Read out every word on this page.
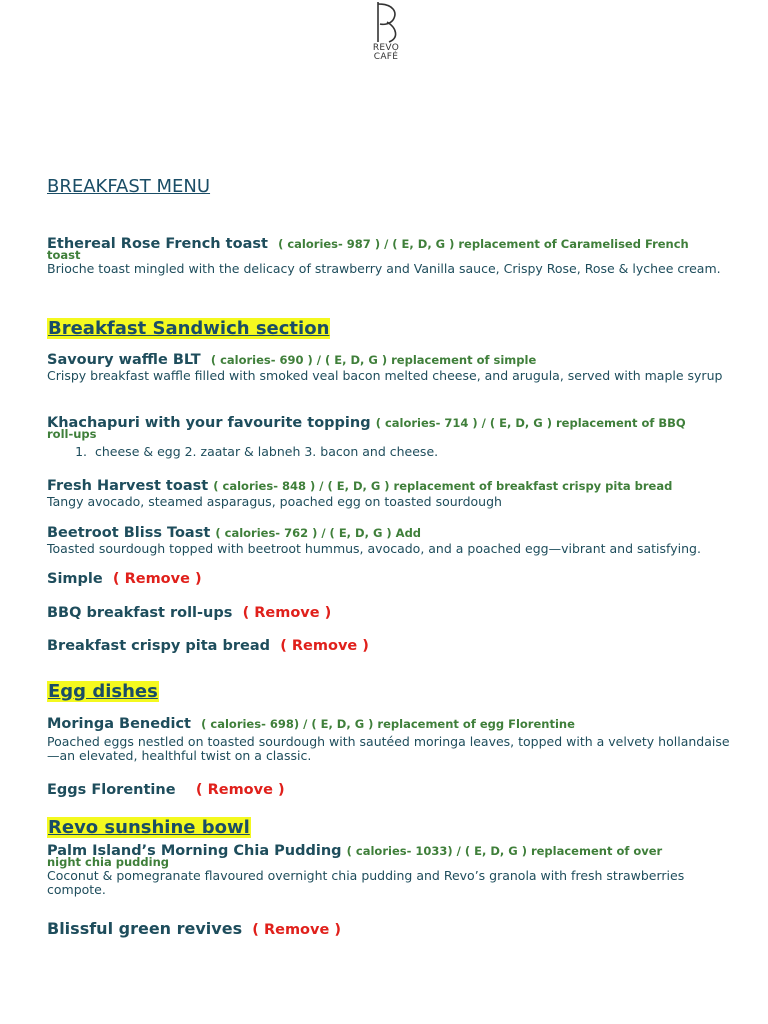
REVO
CAFÉ
BREAKFAST MENU
Ethereal Rose French toast ( calories- 987 ) / ( E, D, G ) replacement of Caramelised French
toast
Brioche toast mingled with the delicacy of strawberry and Vanilla sauce, Crispy Rose, Rose & lychee cream.
Breakfast Sandwich section
Savoury waffle BLT ( calories- 690 ) / ( E, D, G ) replacement of simple
Crispy breakfast waffle filled with smoked veal bacon melted cheese, and arugula, served with maple syrup
Khachapuri with your favourite topping ( calories- 714 ) / ( E, D, G ) replacement of BBQ
roll-ups
1. cheese & egg 2. zaatar & labneh 3. bacon and cheese.
Fresh Harvest toast ( calories- 848 ) / ( E, D, G ) replacement of breakfast crispy pita bread
Tangy avocado, steamed asparagus, poached egg on toasted sourdough
Beetroot Bliss Toast ( calories- 762 ) / ( E, D, G ) Add
Toasted sourdough topped with beetroot hummus, avocado, and a poached egg—vibrant and satisfying.
Simple ( Remove )
BBQ breakfast roll-ups ( Remove )
Breakfast crispy pita bread ( Remove )
Egg dishes
Moringa Benedict ( calories- 698) / ( E, D, G ) replacement of egg Florentine
Poached eggs nestled on toasted sourdough with sautéed moringa leaves, topped with a velvety hollandaise—an elevated, healthful twist on a classic.
Eggs Florentine ( Remove )
Revo sunshine bowl
Palm Island’s Morning Chia Pudding ( calories- 1033) / ( E, D, G ) replacement of over
night chia pudding
Coconut & pomegranate flavoured overnight chia pudding and Revo’s granola with fresh strawberries compote.
Blissful green revives ( Remove )
